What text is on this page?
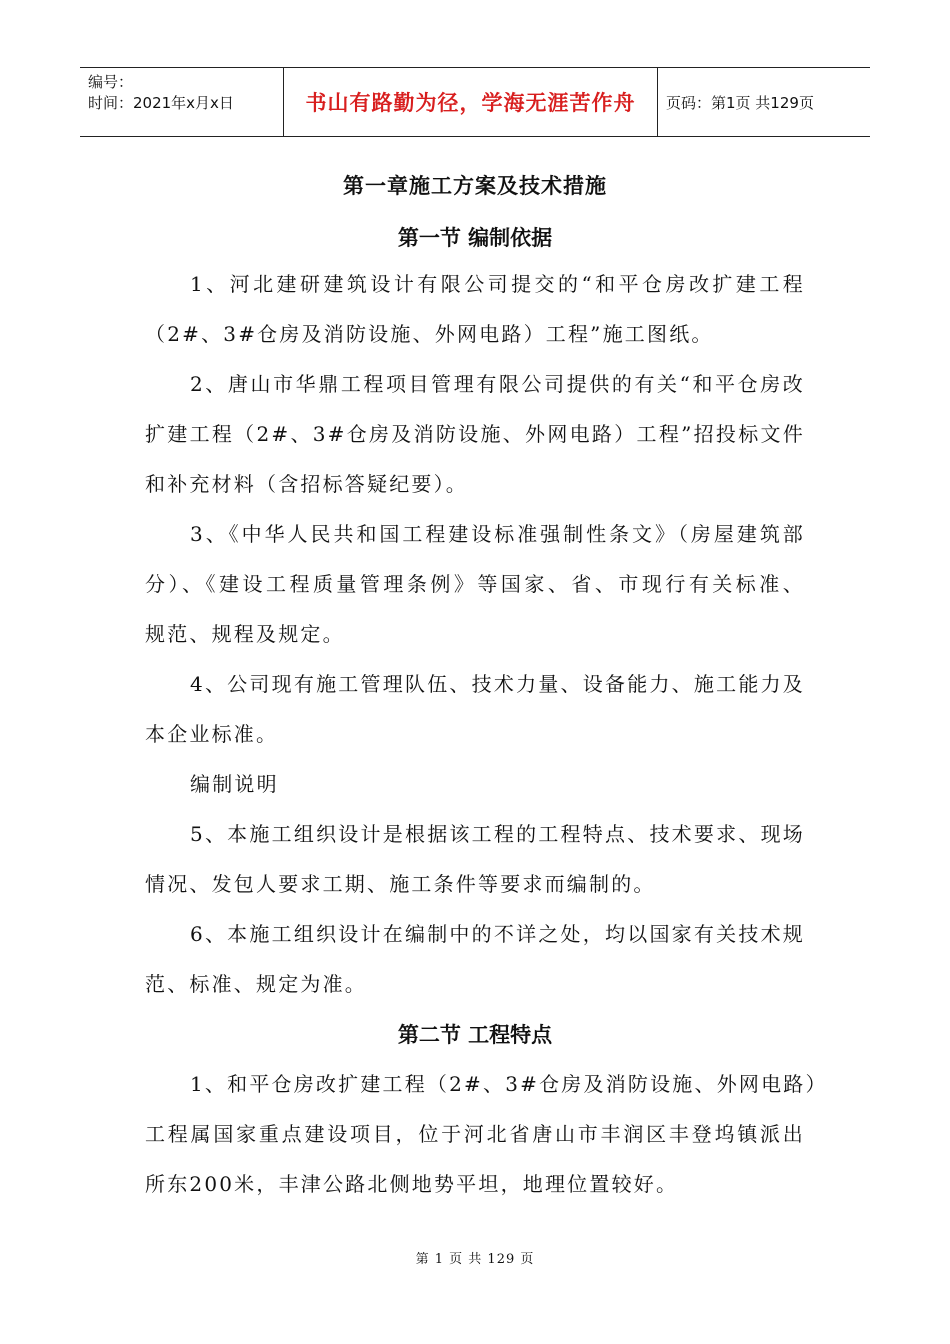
编号：
时间：2021年x月x日	书山有路勤为径，学海无涯苦作舟	页码：第1页 共129页
第一章施工方案及技术措施
第一节 编制依据
1、河北建研建筑设计有限公司提交的“和平仓房改扩建工程
（2#、3#仓房及消防设施、外网电路）工程”施工图纸。
2、唐山市华鼎工程项目管理有限公司提供的有关“和平仓房改
扩建工程（2#、3#仓房及消防设施、外网电路）工程”招投标文件
和补充材料（含招标答疑纪要）。
3、《中华人民共和国工程建设标准强制性条文》（房屋建筑部
分）、《建设工程质量管理条例》等国家、省、市现行有关标准、
规范、规程及规定。
4、公司现有施工管理队伍、技术力量、设备能力、施工能力及
本企业标准。
编制说明
5、本施工组织设计是根据该工程的工程特点、技术要求、现场
情况、发包人要求工期、施工条件等要求而编制的。
6、本施工组织设计在编制中的不详之处，均以国家有关技术规
范、标准、规定为准。
第二节 工程特点
1、和平仓房改扩建工程（2#、3#仓房及消防设施、外网电路）
工程属国家重点建设项目，位于河北省唐山市丰润区丰登坞镇派出
所东200米，丰津公路北侧地势平坦，地理位置较好。
第 1 页 共 129 页
